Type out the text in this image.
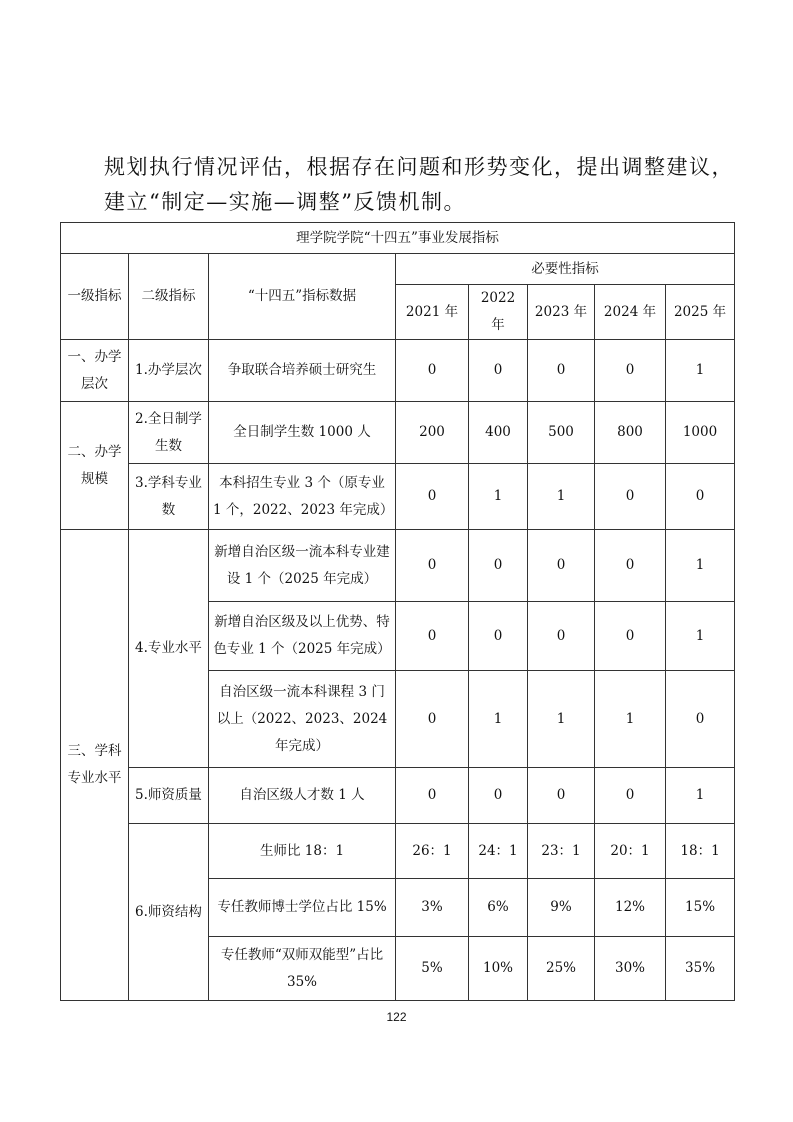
规划执行情况评估，根据存在问题和形势变化，提出调整建议，
建立“制定—实施—调整”反馈机制。
理学院学院“十四五”事业发展指标							
一级指标	二级指标	“十四五”指标数据	必要性指标				
			2021 年	2022 年	2023 年	2024 年	2025 年
一、办学层次	1.办学层次	争取联合培养硕士研究生	0	0	0	0	1
二、办学规模	2.全日制学生数	全日制学生数 1000 人	200	400	500	800	1000
	3.学科专业数	本科招生专业 3 个（原专业 1 个，2022、2023 年完成）	0	1	1	0	0
三、学科专业水平	4.专业水平	新增自治区级一流本科专业建设 1 个（2025 年完成）	0	0	0	0	1
		新增自治区级及以上优势、特色专业 1 个（2025 年完成）	0	0	0	0	1
		自治区级一流本科课程 3 门以上（2022、2023、2024 年完成）	0	1	1	1	0
	5.师资质量	自治区级人才数 1 人	0	0	0	0	1
	6.师资结构	生师比 18：1	26：1	24：1	23：1	20：1	18：1
		专任教师博士学位占比 15%	3%	6%	9%	12%	15%
		专任教师“双师双能型”占比 35%	5%	10%	25%	30%	35%
122
